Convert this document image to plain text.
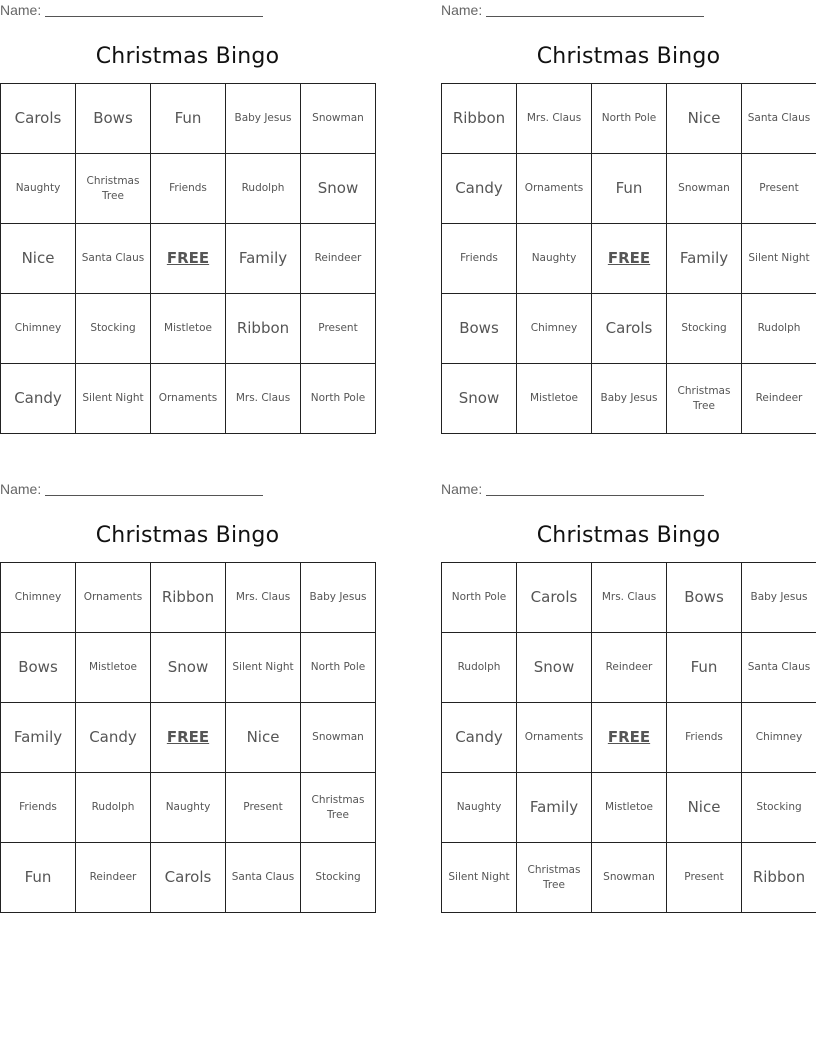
Name:
Christmas Bingo
Carols	Bows	Fun	Baby Jesus	Snowman
Naughty	Christmas Tree	Friends	Rudolph	Snow
Nice	Santa Claus	FREE	Family	Reindeer
Chimney	Stocking	Mistletoe	Ribbon	Present
Candy	Silent Night	Ornaments	Mrs. Claus	North Pole
Name:
Christmas Bingo
Ribbon	Mrs. Claus	North Pole	Nice	Santa Claus
Candy	Ornaments	Fun	Snowman	Present
Friends	Naughty	FREE	Family	Silent Night
Bows	Chimney	Carols	Stocking	Rudolph
Snow	Mistletoe	Baby Jesus	Christmas Tree	Reindeer
Name:
Christmas Bingo
Chimney	Ornaments	Ribbon	Mrs. Claus	Baby Jesus
Bows	Mistletoe	Snow	Silent Night	North Pole
Family	Candy	FREE	Nice	Snowman
Friends	Rudolph	Naughty	Present	Christmas Tree
Fun	Reindeer	Carols	Santa Claus	Stocking
Name:
Christmas Bingo
North Pole	Carols	Mrs. Claus	Bows	Baby Jesus
Rudolph	Snow	Reindeer	Fun	Santa Claus
Candy	Ornaments	FREE	Friends	Chimney
Naughty	Family	Mistletoe	Nice	Stocking
Silent Night	Christmas Tree	Snowman	Present	Ribbon
